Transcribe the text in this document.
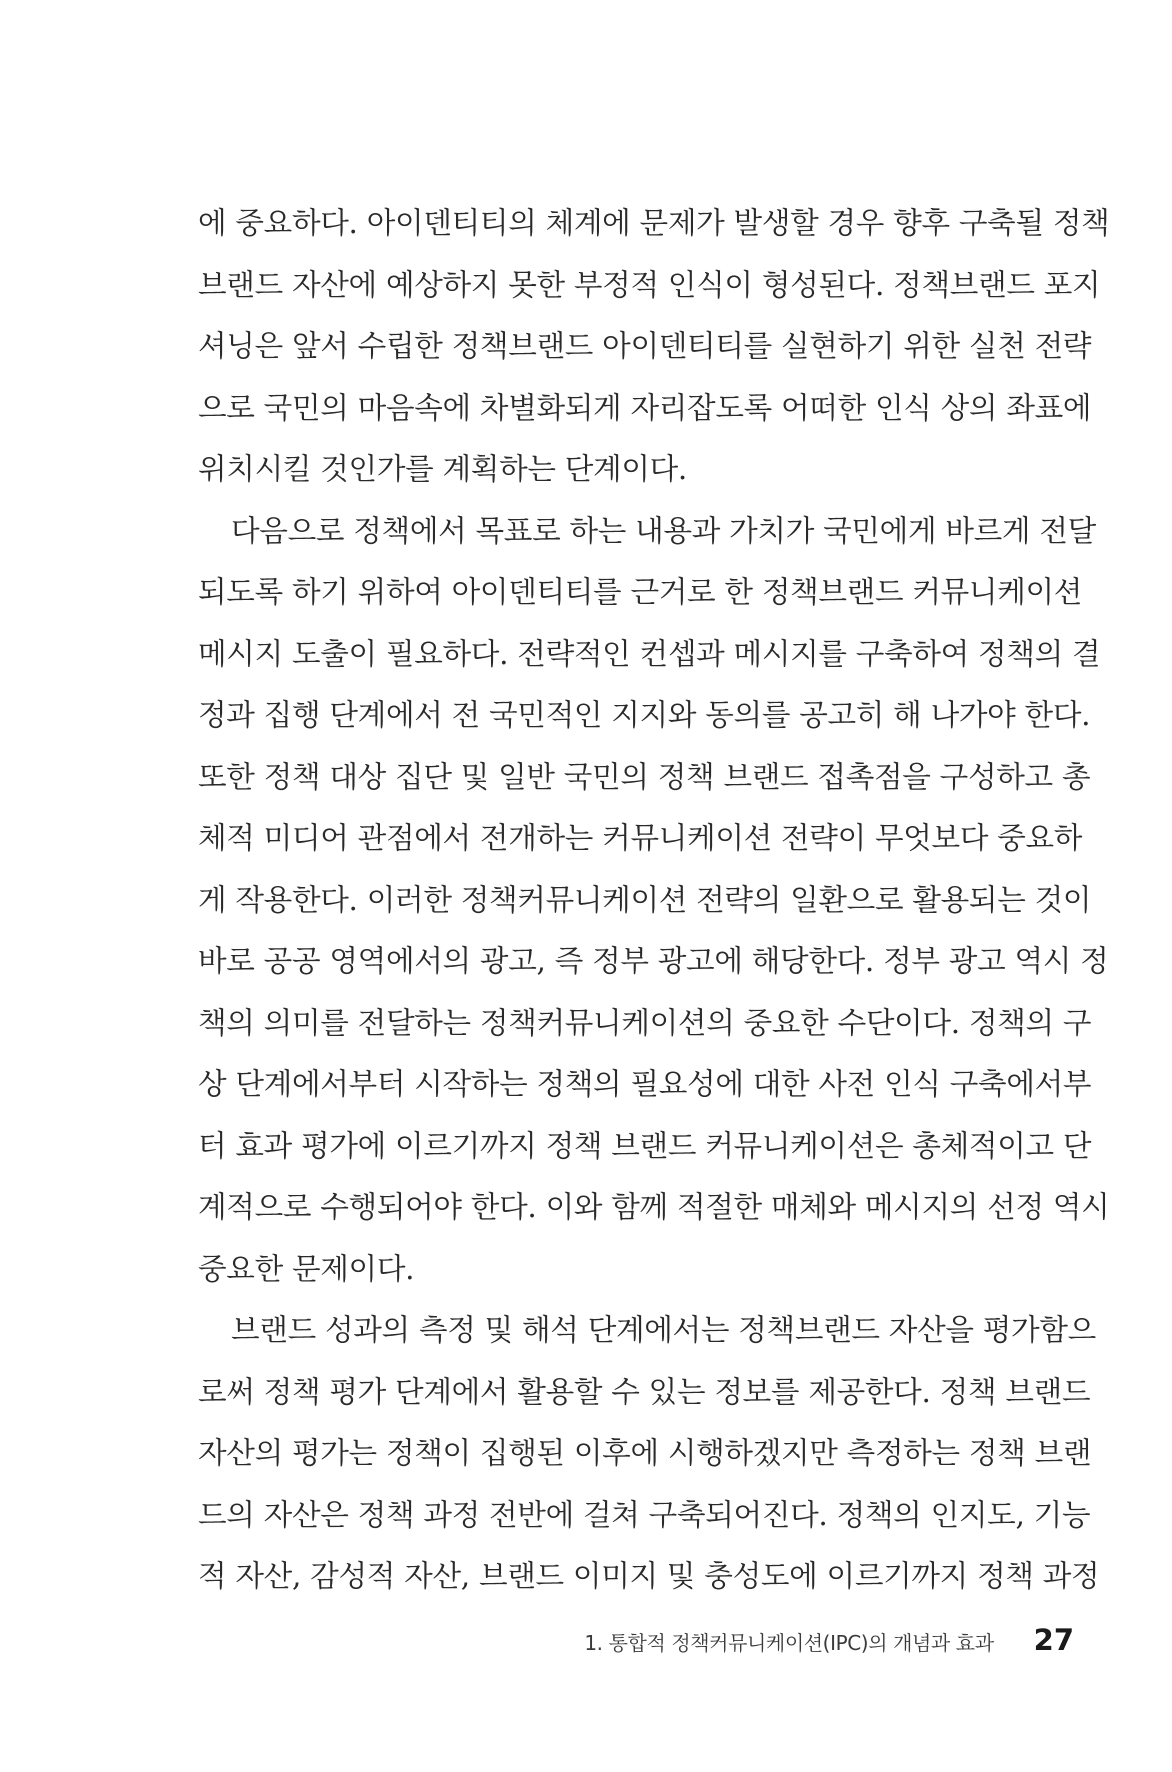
에 중요하다. 아이덴티티의 체계에 문제가 발생할 경우 향후 구축될 정책
브랜드 자산에 예상하지 못한 부정적 인식이 형성된다. 정책브랜드 포지
셔닝은 앞서 수립한 정책브랜드 아이덴티티를 실현하기 위한 실천 전략
으로 국민의 마음속에 차별화되게 자리잡도록 어떠한 인식 상의 좌표에
위치시킬 것인가를 계획하는 단계이다.
다음으로 정책에서 목표로 하는 내용과 가치가 국민에게 바르게 전달
되도록 하기 위하여 아이덴티티를 근거로 한 정책브랜드 커뮤니케이션
메시지 도출이 필요하다. 전략적인 컨셉과 메시지를 구축하여 정책의 결
정과 집행 단계에서 전 국민적인 지지와 동의를 공고히 해 나가야 한다.
또한 정책 대상 집단 및 일반 국민의 정책 브랜드 접촉점을 구성하고 총
체적 미디어 관점에서 전개하는 커뮤니케이션 전략이 무엇보다 중요하
게 작용한다. 이러한 정책커뮤니케이션 전략의 일환으로 활용되는 것이
바로 공공 영역에서의 광고, 즉 정부 광고에 해당한다. 정부 광고 역시 정
책의 의미를 전달하는 정책커뮤니케이션의 중요한 수단이다. 정책의 구
상 단계에서부터 시작하는 정책의 필요성에 대한 사전 인식 구축에서부
터 효과 평가에 이르기까지 정책 브랜드 커뮤니케이션은 총체적이고 단
계적으로 수행되어야 한다. 이와 함께 적절한 매체와 메시지의 선정 역시
중요한 문제이다.
브랜드 성과의 측정 및 해석 단계에서는 정책브랜드 자산을 평가함으
로써 정책 평가 단계에서 활용할 수 있는 정보를 제공한다. 정책 브랜드
자산의 평가는 정책이 집행된 이후에 시행하겠지만 측정하는 정책 브랜
드의 자산은 정책 과정 전반에 걸쳐 구축되어진다. 정책의 인지도, 기능
적 자산, 감성적 자산, 브랜드 이미지 및 충성도에 이르기까지 정책 과정
1. 통합적 정책커뮤니케이션(IPC)의 개념과 효과 27
